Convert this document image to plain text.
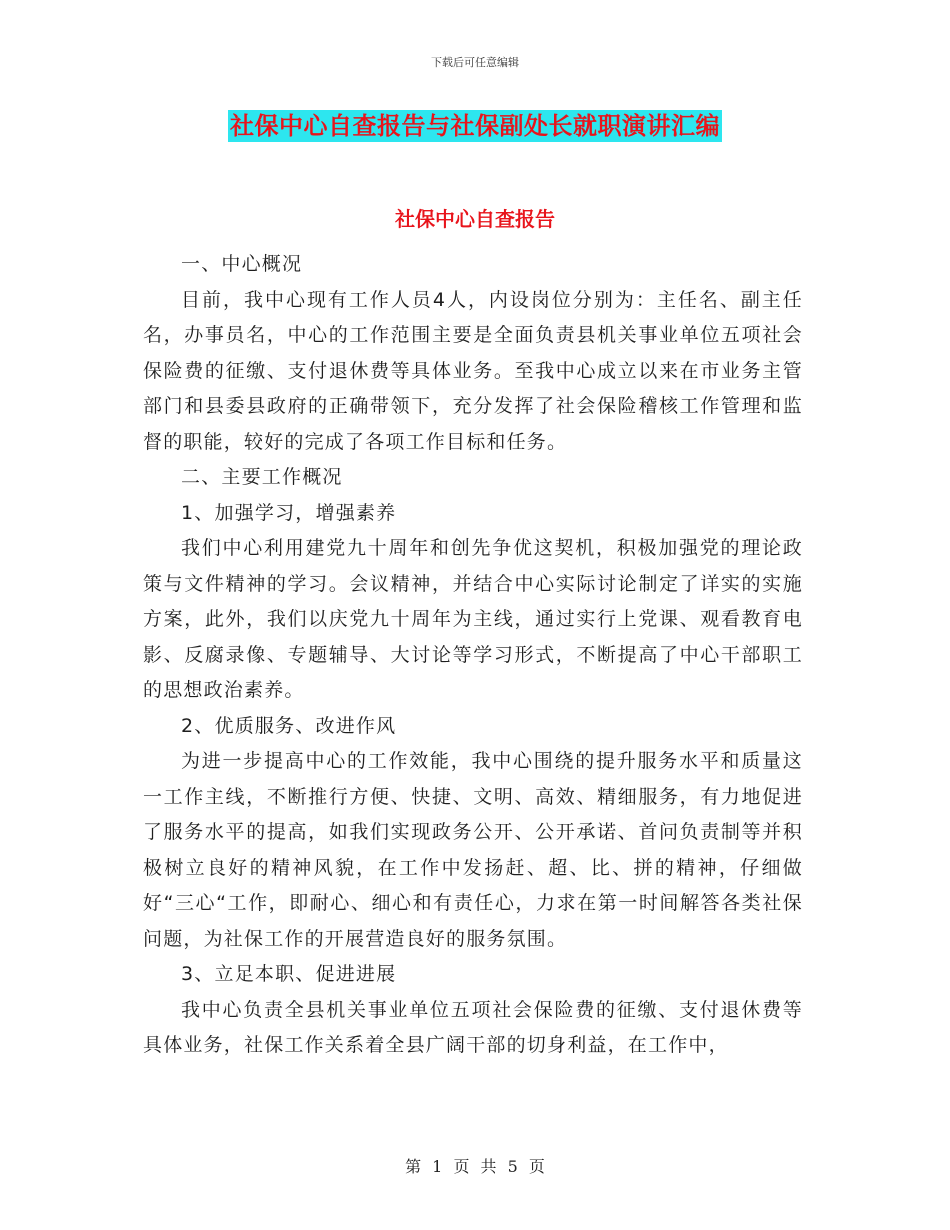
下载后可任意编辑
社保中心自查报告与社保副处长就职演讲汇编
社保中心自查报告

一、中心概况

目前，我中心现有工作人员4人，内设岗位分别为：主任名、副主任名，办事员名，中心的工作范围主要是全面负责县机关事业单位五项社会保险费的征缴、支付退休费等具体业务。至我中心成立以来在市业务主管部门和县委县政府的正确带领下，充分发挥了社会保险稽核工作管理和监督的职能，较好的完成了各项工作目标和任务。

二、主要工作概况

1、加强学习，增强素养

我们中心利用建党九十周年和创先争优这契机，积极加强党的理论政策与文件精神的学习。会议精神，并结合中心实际讨论制定了详实的实施方案，此外，我们以庆党九十周年为主线，通过实行上党课、观看教育电影、反腐录像、专题辅导、大讨论等学习形式，不断提高了中心干部职工的思想政治素养。

2、优质服务、改进作风

为进一步提高中心的工作效能，我中心围绕的提升服务水平和质量这一工作主线，不断推行方便、快捷、文明、高效、精细服务，有力地促进了服务水平的提高，如我们实现政务公开、公开承诺、首问负责制等并积极树立良好的精神风貌，在工作中发扬赶、超、比、拼的精神，仔细做好“三心“工作，即耐心、细心和有责任心，力求在第一时间解答各类社保问题，为社保工作的开展营造良好的服务氛围。

3、立足本职、促进进展

我中心负责全县机关事业单位五项社会保险费的征缴、支付退休费等具体业务，社保工作关系着全县广阔干部的切身利益，在工作中，

第 1 页 共 5 页
